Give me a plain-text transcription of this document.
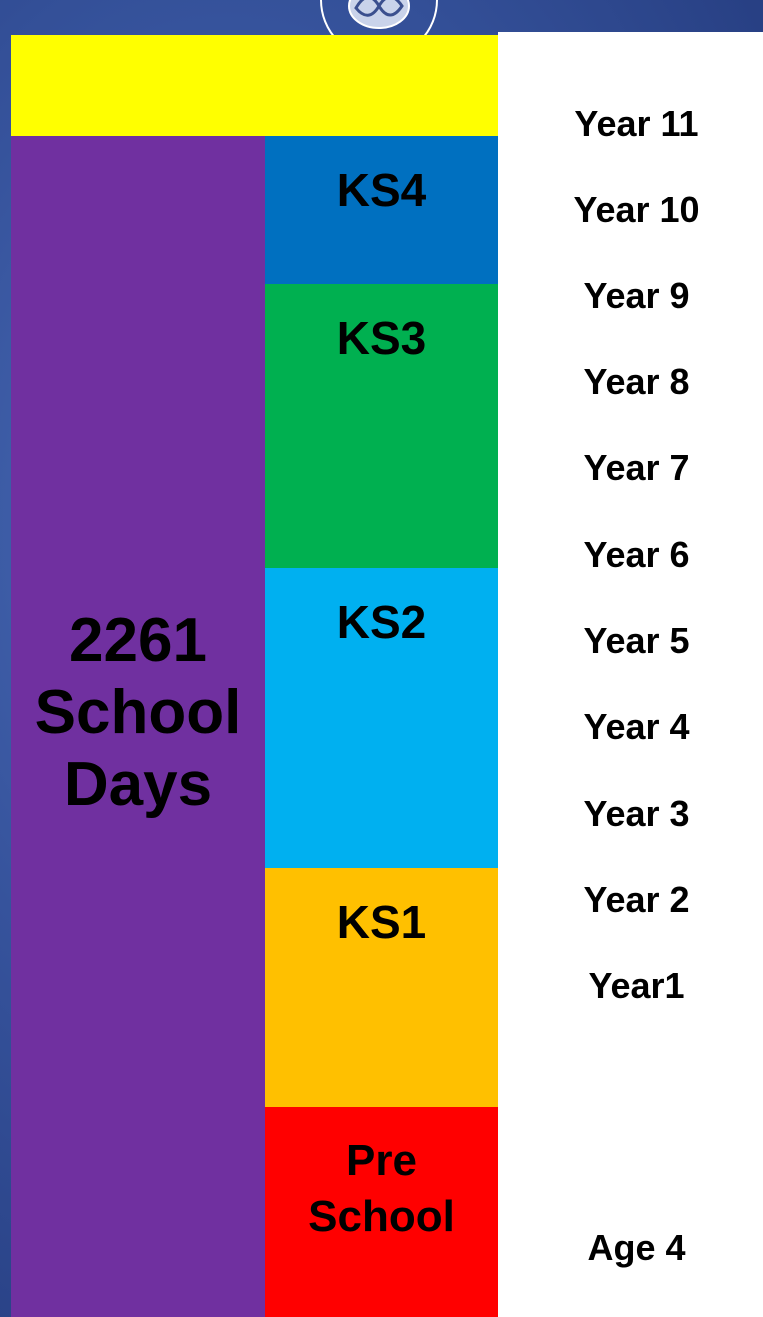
2261
School
Days
KS4
KS3
KS2
KS1
Pre
School
Year 11
Year 10
Year 9
Year 8
Year 7
Year 6
Year 5
Year 4
Year 3
Year 2
Year1
Age 4
